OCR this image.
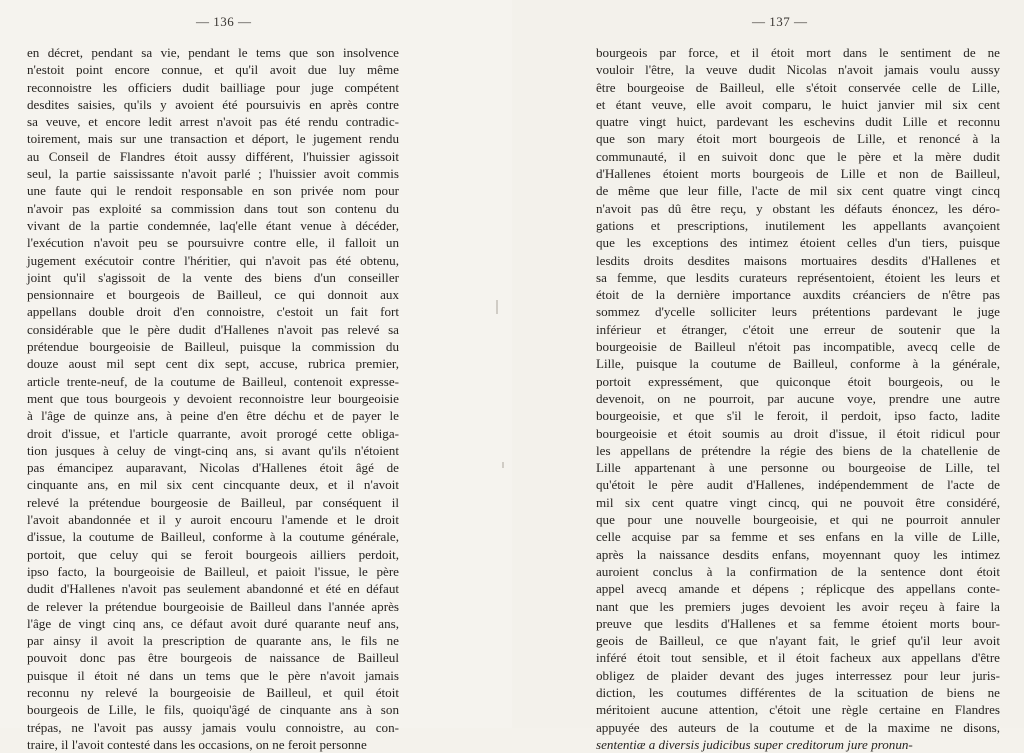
— 136 —
en décret, pendant sa vie, pendant le tems que son insolvence
n'estoit point encore connue, et qu'il avoit due luy même
reconnoistre les officiers dudit bailliage pour juge compétent
desdites saisies, qu'ils y avoient été poursuivis en après contre
sa veuve, et encore ledit arrest n'avoit pas été rendu contradic-
toirement, mais sur une transaction et déport, le jugement rendu
au Conseil de Flandres étoit aussy différent, l'huissier agissoit
seul, la partie saississante n'avoit parlé ; l'huissier avoit commis
une faute qui le rendoit responsable en son privée nom pour
n'avoir pas exploité sa commission dans tout son contenu du
vivant de la partie condemnée, laq'elle étant venue à décéder,
l'exécution n'avoit peu se poursuivre contre elle, il falloit un
jugement exécutoir contre l'héritier, qui n'avoit pas été obtenu,
joint qu'il s'agissoit de la vente des biens d'un conseiller
pensionnaire et bourgeois de Bailleul, ce qui donnoit aux
appellans double droit d'en connoistre, c'estoit un fait fort
considérable que le père dudit d'Hallenes n'avoit pas relevé sa
prétendue bourgeoisie de Bailleul, puisque la commission du
douze aoust mil sept cent dix sept, accuse, rubrica premier,
article trente-neuf, de la coutume de Bailleul, contenoit expresse-
ment que tous bourgeois y devoient reconnoistre leur bourgeoisie
à l'âge de quinze ans, à peine d'en être déchu et de payer le
droit d'issue, et l'article quarrante, avoit prorogé cette obliga-
tion jusques à celuy de vingt-cinq ans, si avant qu'ils n'étoient
pas émancipez auparavant, Nicolas d'Hallenes étoit âgé de
cinquante ans, en mil six cent cincquante deux, et il n'avoit
relevé la prétendue bourgeosie de Bailleul, par conséquent il
l'avoit abandonnée et il y auroit encouru l'amende et le droit
d'issue, la coutume de Bailleul, conforme à la coutume générale,
portoit, que celuy qui se feroit bourgeois ailliers perdoit,
ipso facto, la bourgeoisie de Bailleul, et paioit l'issue, le père
dudit d'Hallenes n'avoit pas seulement abandonné et été en défaut
de relever la prétendue bourgeoisie de Bailleul dans l'année après
l'âge de vingt cinq ans, ce défaut avoit duré quarante neuf ans,
par ainsy il avoit la prescription de quarante ans, le fils ne
pouvoit donc pas être bourgeois de naissance de Bailleul
puisque il étoit né dans un tems que le père n'avoit jamais
reconnu ny relevé la bourgeoisie de Bailleul, et quil étoit
bourgeois de Lille, le fils, quoiqu'âgé de cinquante ans à son
trépas, ne l'avoit pas aussy jamais voulu connoistre, au con-
traire, il l'avoit contesté dans les occasions, on ne feroit personne
— 137 —
bourgeois par force, et il étoit mort dans le sentiment de ne
vouloir l'être, la veuve dudit Nicolas n'avoit jamais voulu aussy
être bourgeoise de Bailleul, elle s'étoit conservée celle de Lille,
et étant veuve, elle avoit comparu, le huict janvier mil six cent
quatre vingt huict, pardevant les eschevins dudit Lille et reconnu
que son mary étoit mort bourgeois de Lille, et renoncé à la
communauté, il en suivoit donc que le père et la mère dudit
d'Hallenes étoient morts bourgeois de Lille et non de Bailleul,
de même que leur fille, l'acte de mil six cent quatre vingt cincq
n'avoit pas dû être reçu, y obstant les défauts énoncez, les déro-
gations et prescriptions, inutilement les appellants avançoient
que les exceptions des intimez étoient celles d'un tiers, puisque
lesdits droits desdites maisons mortuaires desdits d'Hallenes et
sa femme, que lesdits curateurs représentoient, étoient les leurs et
étoit de la dernière importance auxdits créanciers de n'être pas
sommez d'ycelle solliciter leurs prétentions pardevant le juge
inférieur et étranger, c'étoit une erreur de soutenir que la
bourgeoisie de Bailleul n'étoit pas incompatible, avecq celle de
Lille, puisque la coutume de Bailleul, conforme à la générale,
portoit expressément, que quiconque étoit bourgeois, ou le
devenoit, on ne pourroit, par aucune voye, prendre une autre
bourgeoisie, et que s'il le feroit, il perdoit, ipso facto, ladite
bourgeoisie et étoit soumis au droit d'issue, il étoit ridicul pour
les appellans de prétendre la régie des biens de la chatellenie de
Lille appartenant à une personne ou bourgeoise de Lille, tel
qu'étoit le père audit d'Hallenes, indépendemment de l'acte de
mil six cent quatre vingt cincq, qui ne pouvoit être considéré,
que pour une nouvelle bourgeoisie, et qui ne pourroit annuler
celle acquise par sa femme et ses enfans en la ville de Lille,
après la naissance desdits enfans, moyennant quoy les intimez
auroient conclus à la confirmation de la sentence dont étoit
appel avecq amande et dépens ; réplicque des appellans conte-
nant que les premiers juges devoient les avoir reçeu à faire la
preuve que lesdits d'Hallenes et sa femme étoient morts bour-
geois de Bailleul, ce que n'ayant fait, le grief qu'il leur avoit
inféré étoit tout sensible, et il étoit facheux aux appellans d'être
obligez de plaider devant des juges interressez pour leur juris-
diction, les coutumes différentes de la scituation de biens ne
méritoient aucune attention, c'étoit une règle certaine en Flandres
appuyée des auteurs de la coutume et de la maxime ne disons,
sententiæ a diversis judicibus super creditorum jure pronun-
